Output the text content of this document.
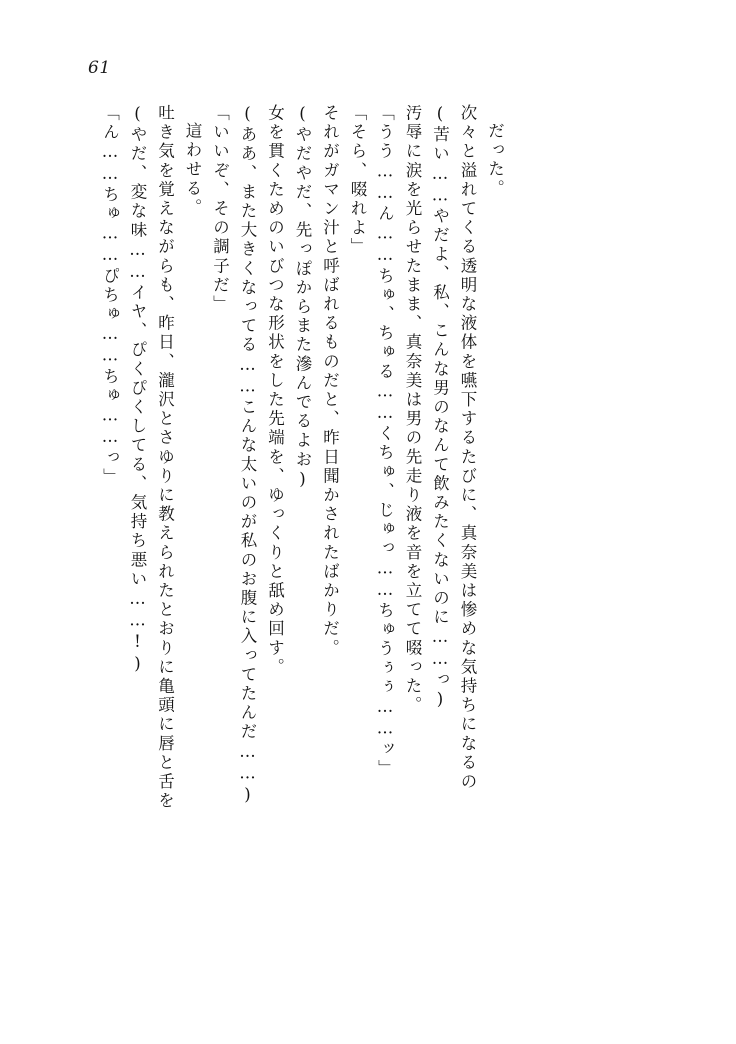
61
「ん……ちゅ……ぴちゅ……ちゅ……っ」 (やだ、変な味……イヤ、ぴくぴくしてる、気持ち悪い……!) 吐き気を覚えながらも、昨日、瀧沢とさゆりに教えられたとおりに亀頭に唇と舌を 這わせる。 「いいぞ、その調子だ」 (ああ、また大きくなってる……こんな太いのが私のお腹に入ってたんだ……) 女を貫くためのいびつな形状をした先端を、ゆっくりと舐め回す。 (やだやだ、先っぽからまた滲んでるよお) それがガマン汁と呼ばれるものだと、昨日聞かされたばかりだ。 「そら、啜れよ」 「うう……ん……ちゅ、ちゅる……くちゅ、じゅっ……ちゅうぅぅ……ッ」 汚辱に涙を光らせたまま、真奈美は男の先走り液を音を立てて啜った。 (苦い……やだよ、私、こんな男のなんて飲みたくないのに……っ) 次々と溢れてくる透明な液体を嚥下するたびに、真奈美は惨めな気持ちになるの だった。
